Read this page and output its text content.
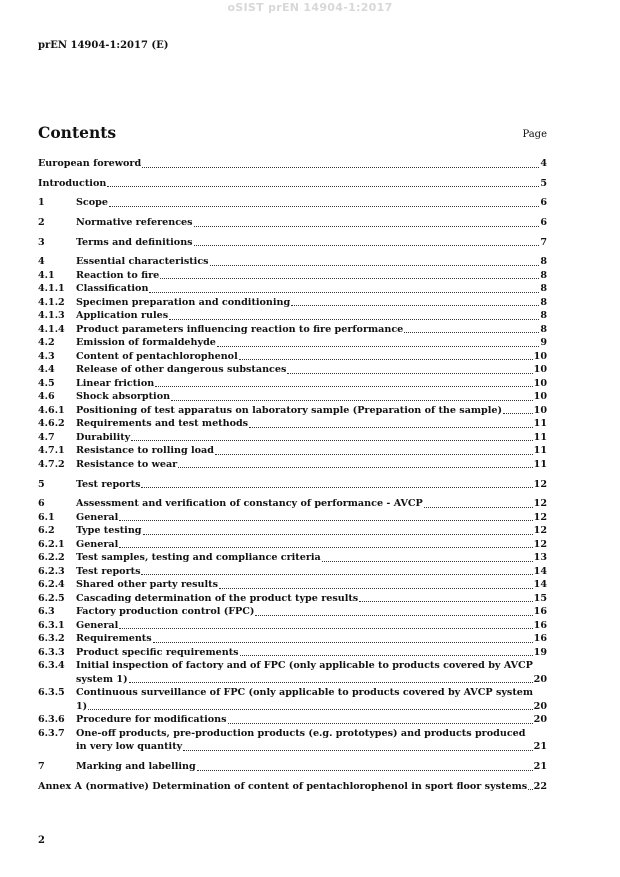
oSIST prEN 14904-1:2017
prEN 14904-1:2017 (E)
Contents	Page
European foreword	4
Introduction	5
1	Scope	6
2	Normative references	6
3	Terms and definitions	7
4	Essential characteristics	8
4.1	Reaction to fire	8
4.1.1	Classification	8
4.1.2	Specimen preparation and conditioning	8
4.1.3	Application rules	8
4.1.4	Product parameters influencing reaction to fire performance	8
4.2	Emission of formaldehyde	9
4.3	Content of pentachlorophenol	10
4.4	Release of other dangerous substances	10
4.5	Linear friction	10
4.6	Shock absorption	10
4.6.1	Positioning of test apparatus on laboratory sample (Preparation of the sample)	10
4.6.2	Requirements and test methods	11
4.7	Durability	11
4.7.1	Resistance to rolling load	11
4.7.2	Resistance to wear	11
5	Test reports	12
6	Assessment and verification of constancy of performance - AVCP	12
6.1	General	12
6.2	Type testing	12
6.2.1	General	12
6.2.2	Test samples, testing and compliance criteria	13
6.2.3	Test reports	14
6.2.4	Shared other party results	14
6.2.5	Cascading determination of the product type results	15
6.3	Factory production control (FPC)	16
6.3.1	General	16
6.3.2	Requirements	16
6.3.3	Product specific requirements	19
6.3.4	Initial inspection of factory and of FPC (only applicable to products covered by AVCP
system 1)	20
6.3.5	Continuous surveillance of FPC (only applicable to products covered by AVCP system
1)	20
6.3.6	Procedure for modifications	20
6.3.7	One-off products, pre-production products (e.g. prototypes) and products produced
in very low quantity	21
7	Marking and labelling	21
Annex A (normative) Determination of content of pentachlorophenol in sport floor systems 22
2
